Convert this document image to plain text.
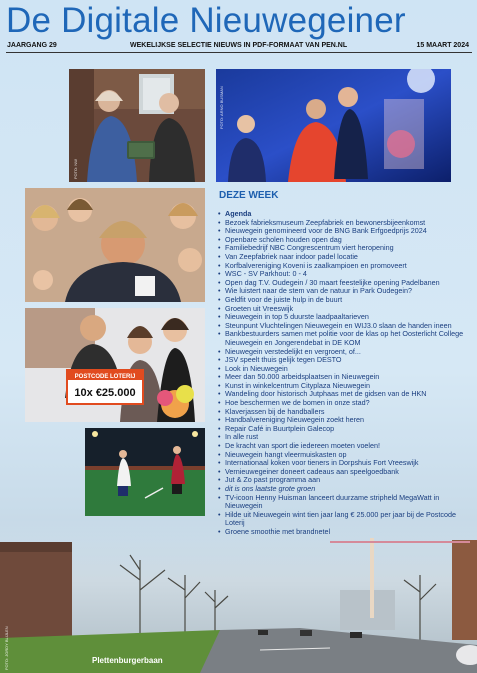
De Digitale Nieuwegeiner
JAARGANG 29	WEKELIJKSE SELECTIE NIEUWS IN PDF-FORMAAT VAN PEN.NL	15 MAART 2024
FOTO: NW
FOTO: ARNO BUSMAN
POSTCODE LOTERIJ
10x €25.000
FOTO: JORDY BLIJLEN	Plettenburgerbaan
DEZE WEEK
• Agenda
• Bezoek fabrieksmuseum Zeepfabriek en bewonersbijeenkomst
• Nieuwegein genomineerd voor de BNG Bank Erfgoedprijs 2024
• Openbare scholen houden open dag
• Familiebedrijf NBC Congrescentrum viert heropening
• Van Zeepfabriek naar indoor padel locatie
• Korfbalvereniging Koveni is zaalkampioen en promoveert
• WSC - SV Parkhout: 0 - 4
• Open dag T.V. Oudegein / 30 maart feestelijke opening Padelbanen
• Wie luistert naar de stem van de natuur in Park Oudegein?
• Geldfit voor de juiste hulp in de buurt
• Groeten uit Vreeswijk
• Nieuwegein in top 5 duurste laadpaaltarieven
• Steunpunt Vluchtelingen Nieuwegein en WIJ3.0 slaan de handen ineen
• Bankbestuurders samen met politie voor de klas op het Oosterlicht College Nieuwegein en Jongerendebat in DE KOM
• Nieuwegein verstedelijkt en vergroent, of...
• JSV speelt thuis gelijk tegen DESTO
• Look in Nieuwegein
• Meer dan 50.000 arbeidsplaatsen in Nieuwegein
• Kunst in winkelcentrum Cityplaza Nieuwegein
• Wandeling door historisch Jutphaas met de gidsen van de HKN
• Hoe beschermen we de bomen in onze stad?
• Klaverjassen bij de handballers
• Handbalvereniging Nieuwegein zoekt heren
• Repair Café in Buurtplein Galecop
• In alle rust
• De kracht van sport die iedereen moeten voelen!
• Nieuwegein hangt vleermuiskasten op
• Internationaal koken voor tieners in Dorpshuis Fort Vreeswijk
• Vernieuwegeiner doneert cadeaus aan speelgoedbank
• Jut & Zo past programma aan
• dit is ons laatste grote groen
• TV-icoon Henny Huisman lanceert duurzame stripheld MegaWatt in Nieuwegein
• Hilde uit Nieuwegein wint tien jaar lang € 25.000 per jaar bij de Postcode Loterij
• Groene smoothie met brandnetel
